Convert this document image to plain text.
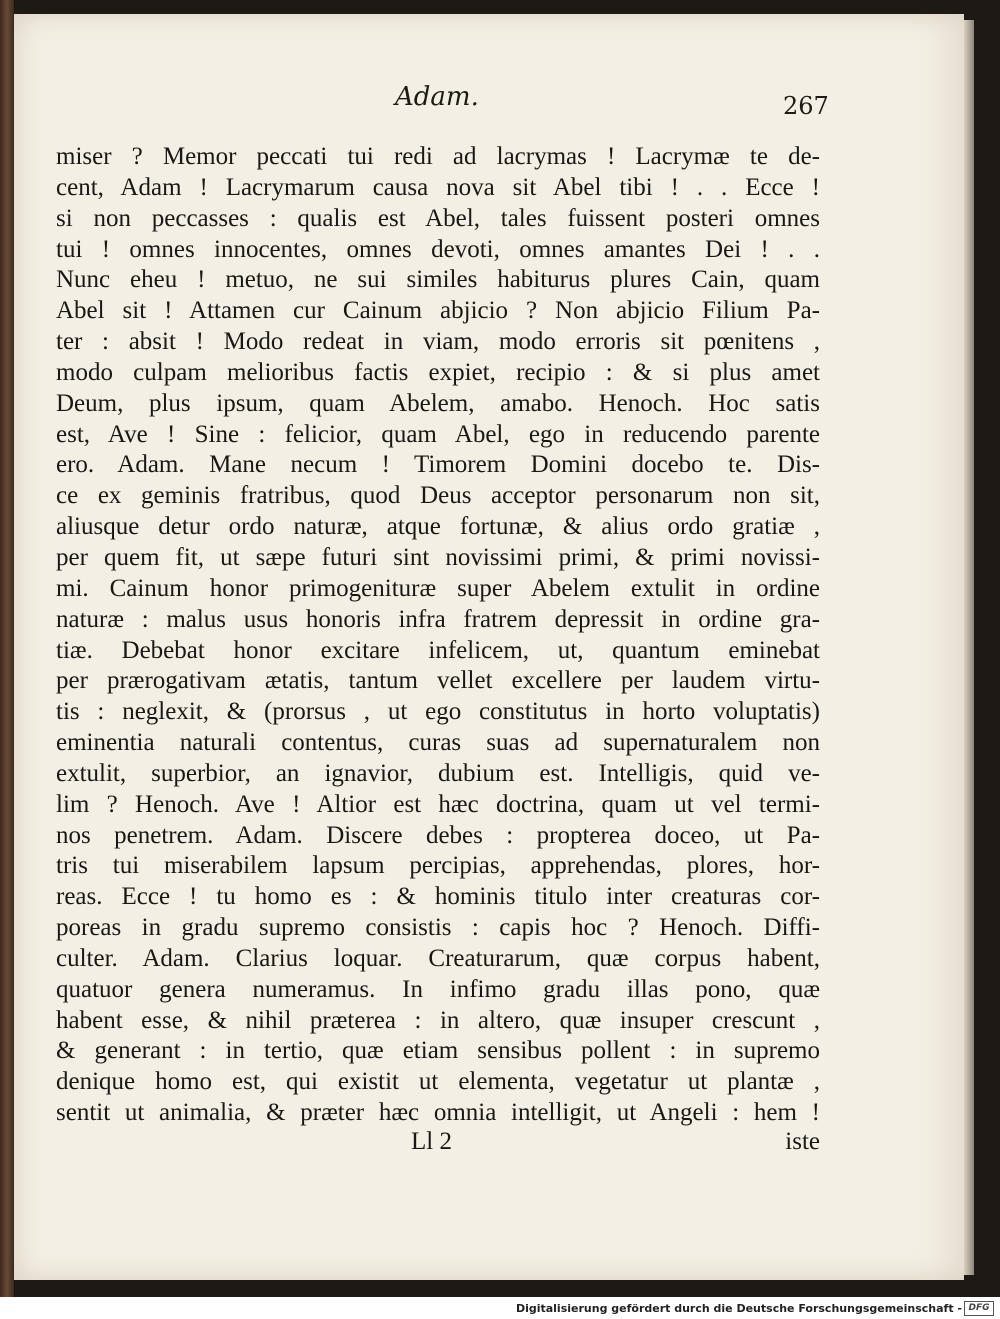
Adam.	267
miser ? Memor peccati tui redi ad lacrymas ! Lacrymæ te de-
cent, Adam ! Lacrymarum causa nova sit Abel tibi ! . . Ecce !
si non peccasses : qualis est Abel, tales fuissent posteri omnes
tui ! omnes innocentes, omnes devoti, omnes amantes Dei ! . .
Nunc eheu ! metuo, ne sui similes habiturus plures Cain, quam
Abel sit ! Attamen cur Cainum abjicio ? Non abjicio Filium Pa-
ter : absit ! Modo redeat in viam, modo erroris sit pœnitens ,
modo culpam melioribus factis expiet, recipio : & si plus amet
Deum, plus ipsum, quam Abelem, amabo. Henoch. Hoc satis
est, Ave ! Sine : felicior, quam Abel, ego in reducendo parente
ero. Adam. Mane necum ! Timorem Domini docebo te. Dis-
ce ex geminis fratribus, quod Deus acceptor personarum non sit,
aliusque detur ordo naturæ, atque fortunæ, & alius ordo gratiæ ,
per quem fit, ut sæpe futuri sint novissimi primi, & primi novissi-
mi. Cainum honor primogenituræ super Abelem extulit in ordine
naturæ : malus usus honoris infra fratrem depressit in ordine gra-
tiæ. Debebat honor excitare infelicem, ut, quantum eminebat
per prærogativam ætatis, tantum vellet excellere per laudem virtu-
tis : neglexit, & (prorsus , ut ego constitutus in horto voluptatis)
eminentia naturali contentus, curas suas ad supernaturalem non
extulit, superbior, an ignavior, dubium est. Intelligis, quid ve-
lim ? Henoch. Ave ! Altior est hæc doctrina, quam ut vel termi-
nos penetrem. Adam. Discere debes : propterea doceo, ut Pa-
tris tui miserabilem lapsum percipias, apprehendas, plores, hor-
reas. Ecce ! tu homo es : & hominis titulo inter creaturas cor-
poreas in gradu supremo consistis : capis hoc ? Henoch. Diffi-
culter. Adam. Clarius loquar. Creaturarum, quæ corpus habent,
quatuor genera numeramus. In infimo gradu illas pono, quæ
habent esse, & nihil præterea : in altero, quæ insuper crescunt ,
& generant : in tertio, quæ etiam sensibus pollent : in supremo
denique homo est, qui existit ut elementa, vegetatur ut plantæ ,
sentit ut animalia, & præter hæc omnia intelligit, ut Angeli : hem !
Ll 2	iste
Digitalisierung gefördert durch die Deutsche Forschungsgemeinschaft - DFG
